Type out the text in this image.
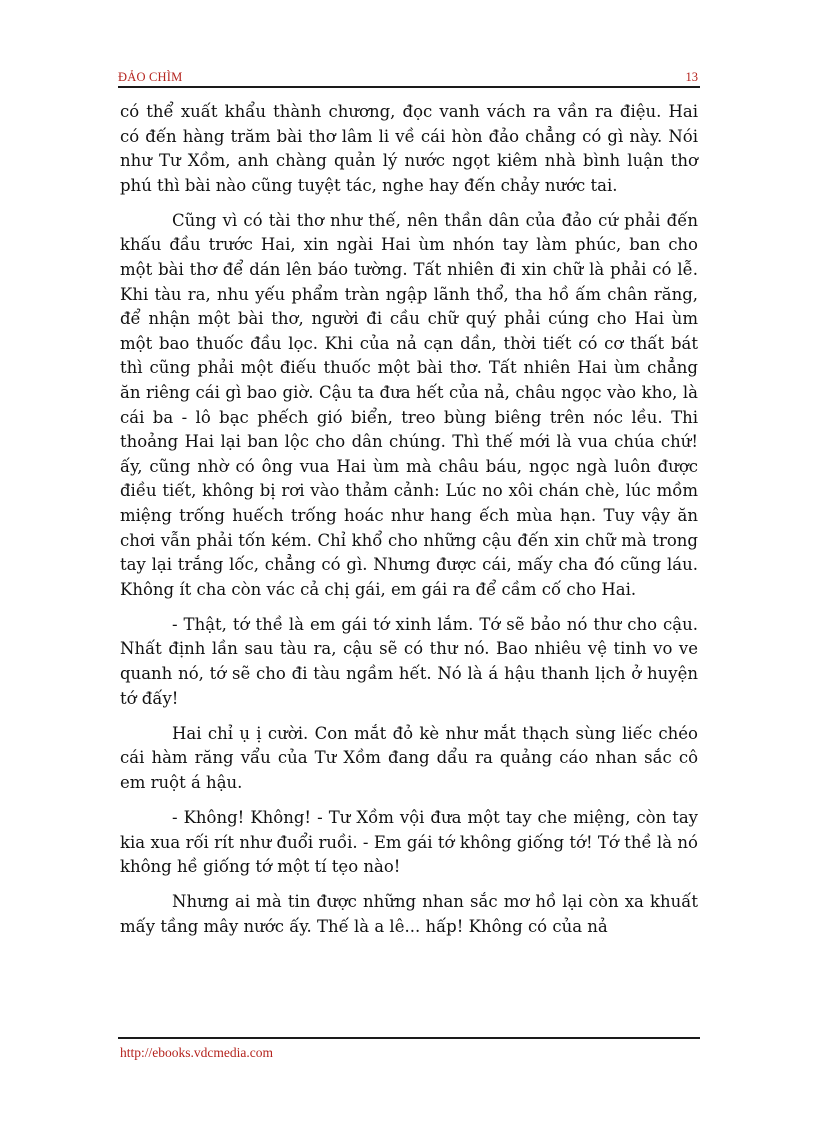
ĐẢO CHÌM	13

có thể xuất khẩu thành chương, đọc vanh vách ra vần ra điệu. Hai có đến hàng trăm bài thơ lâm li về cái hòn đảo chẳng có gì này. Nói như Tư Xồm, anh chàng quản lý nước ngọt kiêm nhà bình luận thơ phú thì bài nào cũng tuyệt tác, nghe hay đến chảy nước tai.

Cũng vì có tài thơ như thế, nên thần dân của đảo cứ phải đến khấu đầu trước Hai, xin ngài Hai ùm nhón tay làm phúc, ban cho một bài thơ để dán lên báo tường. Tất nhiên đi xin chữ là phải có lễ. Khi tàu ra, nhu yếu phẩm tràn ngập lãnh thổ, tha hồ ấm chân răng, để nhận một bài thơ, người đi cầu chữ quý phải cúng cho Hai ùm một bao thuốc đầu lọc. Khi của nả cạn dần, thời tiết có cơ thất bát thì cũng phải một điếu thuốc một bài thơ. Tất nhiên Hai ùm chẳng ăn riêng cái gì bao giờ. Cậu ta đưa hết của nả, châu ngọc vào kho, là cái ba - lô bạc phếch gió biển, treo bùng biêng trên nóc lều. Thi thoảng Hai lại ban lộc cho dân chúng. Thì thế mới là vua chúa chứ! ấy, cũng nhờ có ông vua Hai ùm mà châu báu, ngọc ngà luôn được điều tiết, không bị rơi vào thảm cảnh: Lúc no xôi chán chè, lúc mồm miệng trống huếch trống hoác như hang ếch mùa hạn. Tuy vậy ăn chơi vẫn phải tốn kém. Chỉ khổ cho những cậu đến xin chữ mà trong tay lại trắng lốc, chẳng có gì. Nhưng được cái, mấy cha đó cũng láu. Không ít cha còn vác cả chị gái, em gái ra để cầm cố cho Hai.

- Thật, tớ thề là em gái tớ xinh lắm. Tớ sẽ bảo nó thư cho cậu. Nhất định lần sau tàu ra, cậu sẽ có thư nó. Bao nhiêu vệ tinh vo ve quanh nó, tớ sẽ cho đi tàu ngầm hết. Nó là á hậu thanh lịch ở huyện tớ đấy!

Hai chỉ ụ ị cười. Con mắt đỏ kè như mắt thạch sùng liếc chéo cái hàm răng vẩu của Tư Xồm đang dẩu ra quảng cáo nhan sắc cô em ruột á hậu.

- Không! Không! - Tư Xồm vội đưa một tay che miệng, còn tay kia xua rối rít như đuổi ruồi. - Em gái tớ không giống tớ! Tớ thề là nó không hề giống tớ một tí tẹo nào!

Nhưng ai mà tin được những nhan sắc mơ hồ lại còn xa khuất mấy tầng mây nước ấy. Thế là a lê... hấp! Không có của nả

http://ebooks.vdcmedia.com
